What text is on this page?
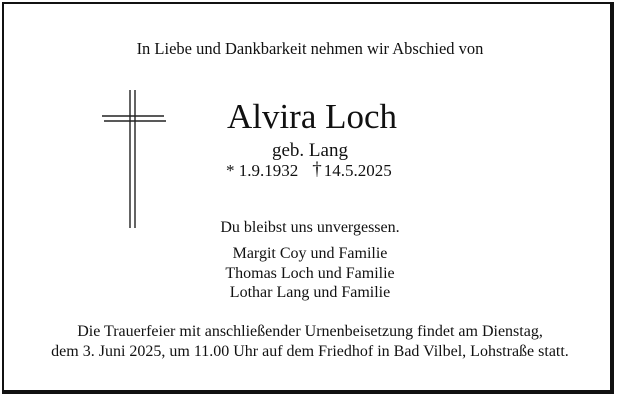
In Liebe und Dankbarkeit nehmen wir Abschied von
Alvira Loch
geb. Lang
* 1.9.1932 † 14.5.2025
Du bleibst uns unvergessen.
Margit Coy und Familie
Thomas Loch und Familie
Lothar Lang und Familie
Die Trauerfeier mit anschließender Urnenbeisetzung findet am Dienstag,
dem 3. Juni 2025, um 11.00 Uhr auf dem Friedhof in Bad Vilbel, Lohstraße statt.
